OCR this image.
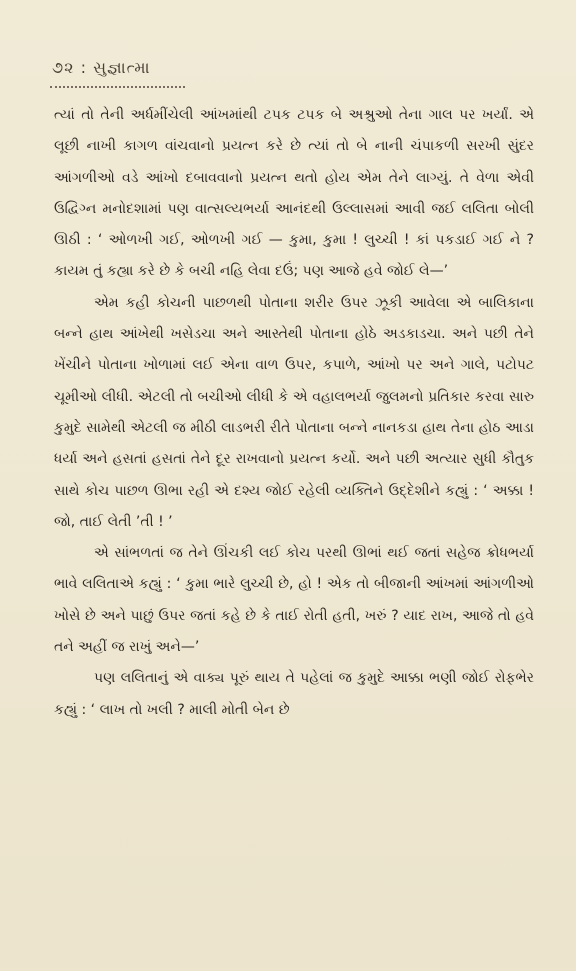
૭૨ : સુજ્ઞાત્મા

ત્યાં તો તેની અર્ધમીંચેલી આંખમાંથી ટપક ટપક બે અશ્રુઓ તેના ગાલ પર ખર્યાં. એ લૂછી નાખી કાગળ વાંચવાનો પ્રયત્ન કરે છે ત્યાં તો બે નાની ચંપાકળી સરખી સુંદર આંગળીઓ વડે આંખો દબાવવાનો પ્રયત્ન થતો હોય એમ તેને લાગ્યું. તે વેળા એવી ઉદ્વિગ્ન મનોદશામાં પણ વાત્સલ્યભર્યા આનંદથી ઉલ્લાસમાં આવી જઈ લલિતા બોલી ઊઠી : ‘ ઓળખી ગઈ, ઓળખી ગઈ — કુમા, કુમા ! લુચ્ચી ! કાં પકડાઈ ગઈ ને ? કાયમ તું કહ્યા કરે છે કે બચી નહિ લેવા દઉં; પણ આજે હવે જોઈ લે—’

એમ કહી કોચની પાછળથી પોતાના શરીર ઉપર ઝૂકી આવેલા એ બાલિકાના બન્ને હાથ આંખેથી ખસેડચા અને આસ્તેથી પોતાના હોઠે અડકાડચા. અને પછી તેને ખેંચીને પોતાના ખોળામાં લઈ એના વાળ ઉપર, કપાળે, આંખો પર અને ગાલે, પટોપટ ચૂમીઓ લીધી. એટલી તો બચીઓ લીધી કે એ વહાલભર્યા જુલમનો પ્રતિકાર કરવા સારુ કુમુદે સામેથી એટલી જ મીઠી લાડભરી રીતે પોતાના બન્ને નાનકડા હાથ તેના હોઠ આડા ધર્યા અને હસતાં હસતાં તેને દૂર રાખવાનો પ્રયત્ન કર્યો. અને પછી અત્યાર સુધી કૌતુક સાથે કોચ પાછળ ઊભા રહી એ દશ્ય જોઈ રહેલી વ્યક્તિને ઉદ્દેશીને કહ્યું : ‘ અક્કા ! જો, તાઈ લેતી ’તી ! ’

એ સાંભળતાં જ તેને ઊંચકી લઈ કોચ પરથી ઊભાં થઈ જતાં સહેજ ક્રોધભર્યા ભાવે લલિતાએ કહ્યું : ‘ કુમા ભારે લુચ્ચી છે, હો ! એક તો બીજાની આંખમાં આંગળીઓ ખોસે છે અને પાછું ઉપર જતાં કહે છે કે તાઈ રોતી હતી, ખરું ? યાદ રાખ, આજે તો હવે તને અહીં જ રાખું અને—’

પણ લલિતાનું એ વાક્ય પૂરું થાય તે પહેલાં જ કુમુદે આક્કા ભણી જોઈ રોફભેર કહ્યું : ‘ લાખ તો ખલી ? માલી મોતી બેન છે
